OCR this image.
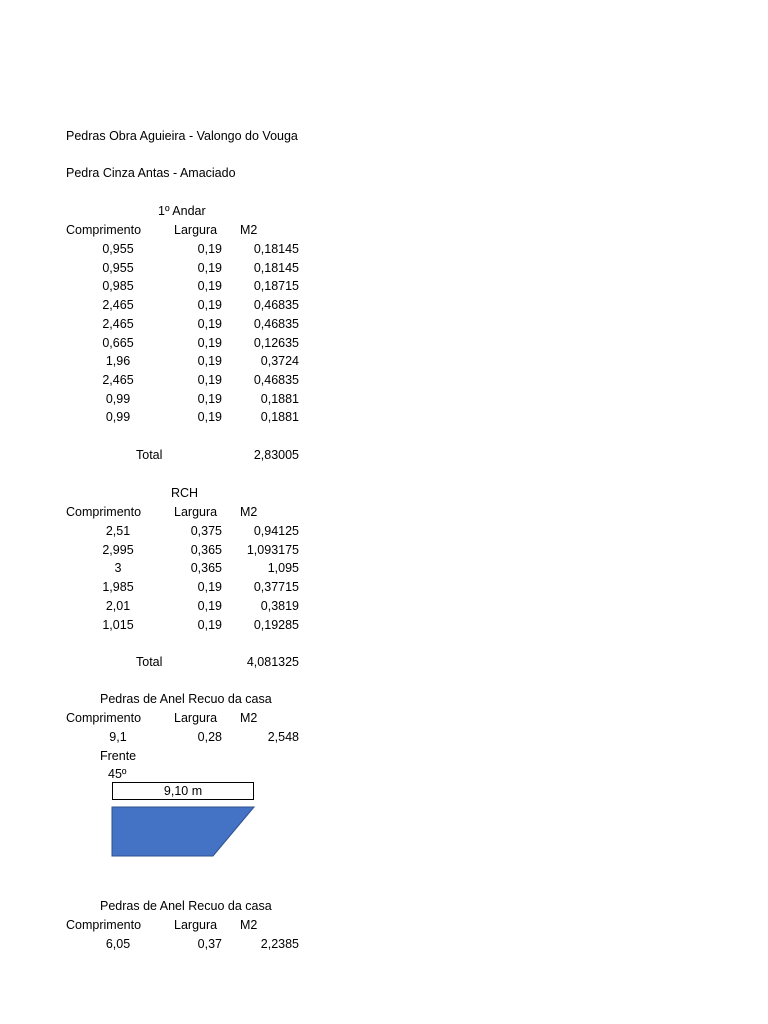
Pedras Obra Aguieira - Valongo do Vouga
Pedra Cinza Antas - Amaciado
1º Andar
Comprimento	Largura M2
0,955	0,19	0,18145
0,955	0,19	0,18145
0,985	0,19	0,18715
2,465	0,19	0,46835
2,465	0,19	0,46835
0,665	0,19	0,12635
1,96	0,19	0,3724
2,465	0,19	0,46835
0,99	0,19	0,1881
0,99	0,19	0,1881
Total	2,83005
RCH
Comprimento	Largura M2
2,51	0,375	0,94125
2,995	0,365	1,093175
3	0,365	1,095
1,985	0,19	0,37715
2,01	0,19	0,3819
1,015	0,19	0,19285
Total	4,081325
Pedras de Anel Recuo da casa
Comprimento	Largura M2
9,1	0,28	2,548
Frente
45º
9,10 m
Pedras de Anel Recuo da casa
Comprimento	Largura M2
6,05	0,37	2,2385
